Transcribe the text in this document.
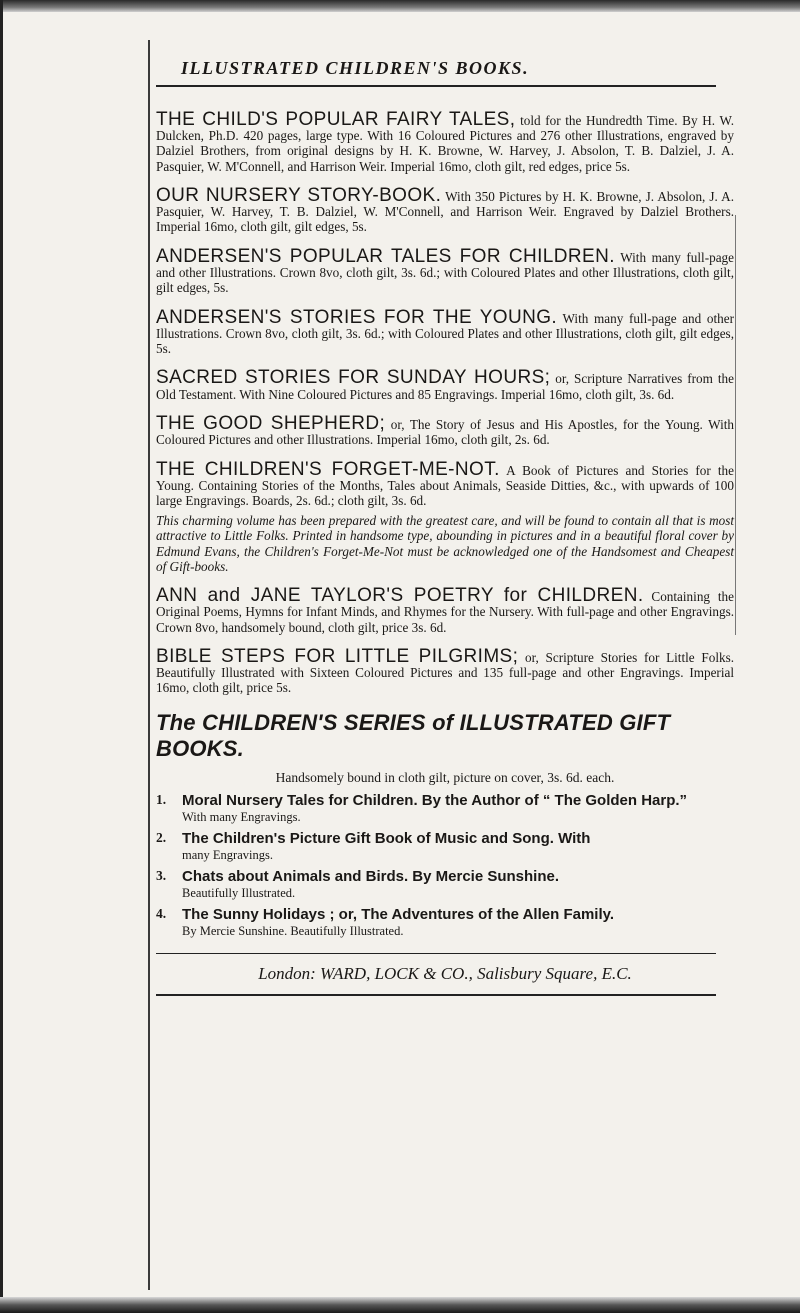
ILLUSTRATED CHILDREN'S BOOKS.

THE CHILD'S POPULAR FAIRY TALES, told for the Hundredth Time. By H. W. Dulcken, Ph.D. 420 pages, large type. With 16 Coloured Pictures and 276 other Illustrations, engraved by Dalziel Brothers, from original designs by H. K. Browne, W. Harvey, J. Absolon, T. B. Dalziel, J. A. Pasquier, W. M'Connell, and Harrison Weir. Imperial 16mo, cloth gilt, red edges, price 5s.

OUR NURSERY STORY-BOOK. With 350 Pictures by H. K. Browne, J. Absolon, J. A. Pasquier, W. Harvey, T. B. Dalziel, W. M'Connell, and Harrison Weir. Engraved by Dalziel Brothers. Imperial 16mo, cloth gilt, gilt edges, 5s.

ANDERSEN'S POPULAR TALES FOR CHILDREN. With many full-page and other Illustrations. Crown 8vo, cloth gilt, 3s. 6d.; with Coloured Plates and other Illustrations, cloth gilt, gilt edges, 5s.

ANDERSEN'S STORIES FOR THE YOUNG. With many full-page and other Illustrations. Crown 8vo, cloth gilt, 3s. 6d.; with Coloured Plates and other Illustrations, cloth gilt, gilt edges, 5s.

SACRED STORIES FOR SUNDAY HOURS; or, Scripture Narratives from the Old Testament. With Nine Coloured Pictures and 85 Engravings. Imperial 16mo, cloth gilt, 3s. 6d.

THE GOOD SHEPHERD; or, The Story of Jesus and His Apostles, for the Young. With Coloured Pictures and other Illustrations. Imperial 16mo, cloth gilt, 2s. 6d.

THE CHILDREN'S FORGET-ME-NOT. A Book of Pictures and Stories for the Young. Containing Stories of the Months, Tales about Animals, Seaside Ditties, &c., with upwards of 100 large Engravings. Boards, 2s. 6d.; cloth gilt, 3s. 6d.

This charming volume has been prepared with the greatest care, and will be found to contain all that is most attractive to Little Folks. Printed in handsome type, abounding in pictures and in a beautiful floral cover by Edmund Evans, the Children's Forget-Me-Not must be acknowledged one of the Handsomest and Cheapest of Gift-books.

ANN and JANE TAYLOR'S POETRY for CHILDREN. Containing the Original Poems, Hymns for Infant Minds, and Rhymes for the Nursery. With full-page and other Engravings. Crown 8vo, handsomely bound, cloth gilt, price 3s. 6d.

BIBLE STEPS FOR LITTLE PILGRIMS; or, Scripture Stories for Little Folks. Beautifully Illustrated with Sixteen Coloured Pictures and 135 full-page and other Engravings. Imperial 16mo, cloth gilt, price 5s.

The CHILDREN'S SERIES of ILLUSTRATED GIFT BOOKS.
Handsomely bound in cloth gilt, picture on cover, 3s. 6d. each.
1.	Moral Nursery Tales for Children. By the Author of “ The Golden Harp.”
With many Engravings.
2.	The Children's Picture Gift Book of Music and Song. With
many Engravings.
3.	Chats about Animals and Birds. By Mercie Sunshine.
Beautifully Illustrated.
4.	The Sunny Holidays ; or, The Adventures of the Allen Family.
By Mercie Sunshine. Beautifully Illustrated.
London: WARD, LOCK & CO., Salisbury Square, E.C.
